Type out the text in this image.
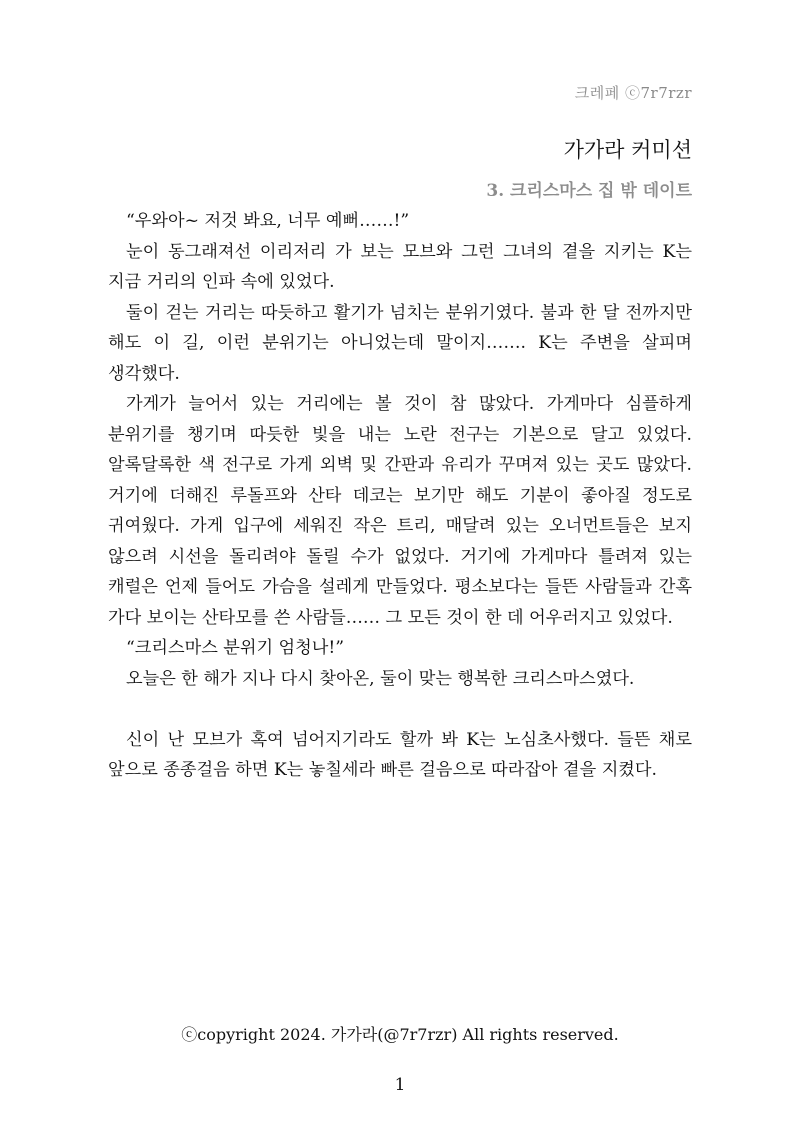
크레페 ⓒ7r7rzr
가가라 커미션
3. 크리스마스 집 밖 데이트

“우와아~ 저것 봐요, 너무 예뻐……!”

눈이 동그래져선 이리저리 가 보는 모브와 그런 그녀의 곁을 지키는 K는 지금 거리의 인파 속에 있었다.

둘이 걷는 거리는 따듯하고 활기가 넘치는 분위기였다. 불과 한 달 전까지만 해도 이 길, 이런 분위기는 아니었는데 말이지……. K는 주변을 살피며 생각했다.

가게가 늘어서 있는 거리에는 볼 것이 참 많았다. 가게마다 심플하게 분위기를 챙기며 따듯한 빛을 내는 노란 전구는 기본으로 달고 있었다. 알록달록한 색 전구로 가게 외벽 및 간판과 유리가 꾸며져 있는 곳도 많았다. 거기에 더해진 루돌프와 산타 데코는 보기만 해도 기분이 좋아질 정도로 귀여웠다. 가게 입구에 세워진 작은 트리, 매달려 있는 오너먼트들은 보지 않으려 시선을 돌리려야 돌릴 수가 없었다. 거기에 가게마다 틀려져 있는 캐럴은 언제 들어도 가슴을 설레게 만들었다. 평소보다는 들뜬 사람들과 간혹 가다 보이는 산타모를 쓴 사람들…… 그 모든 것이 한 데 어우러지고 있었다.

“크리스마스 분위기 엄청나!”

오늘은 한 해가 지나 다시 찾아온, 둘이 맞는 행복한 크리스마스였다.

신이 난 모브가 혹여 넘어지기라도 할까 봐 K는 노심초사했다. 들뜬 채로 앞으로 종종걸음 하면 K는 놓칠세라 빠른 걸음으로 따라잡아 곁을 지켰다.

ⓒcopyright 2024. 가가라(@7r7rzr) All rights reserved.
1
